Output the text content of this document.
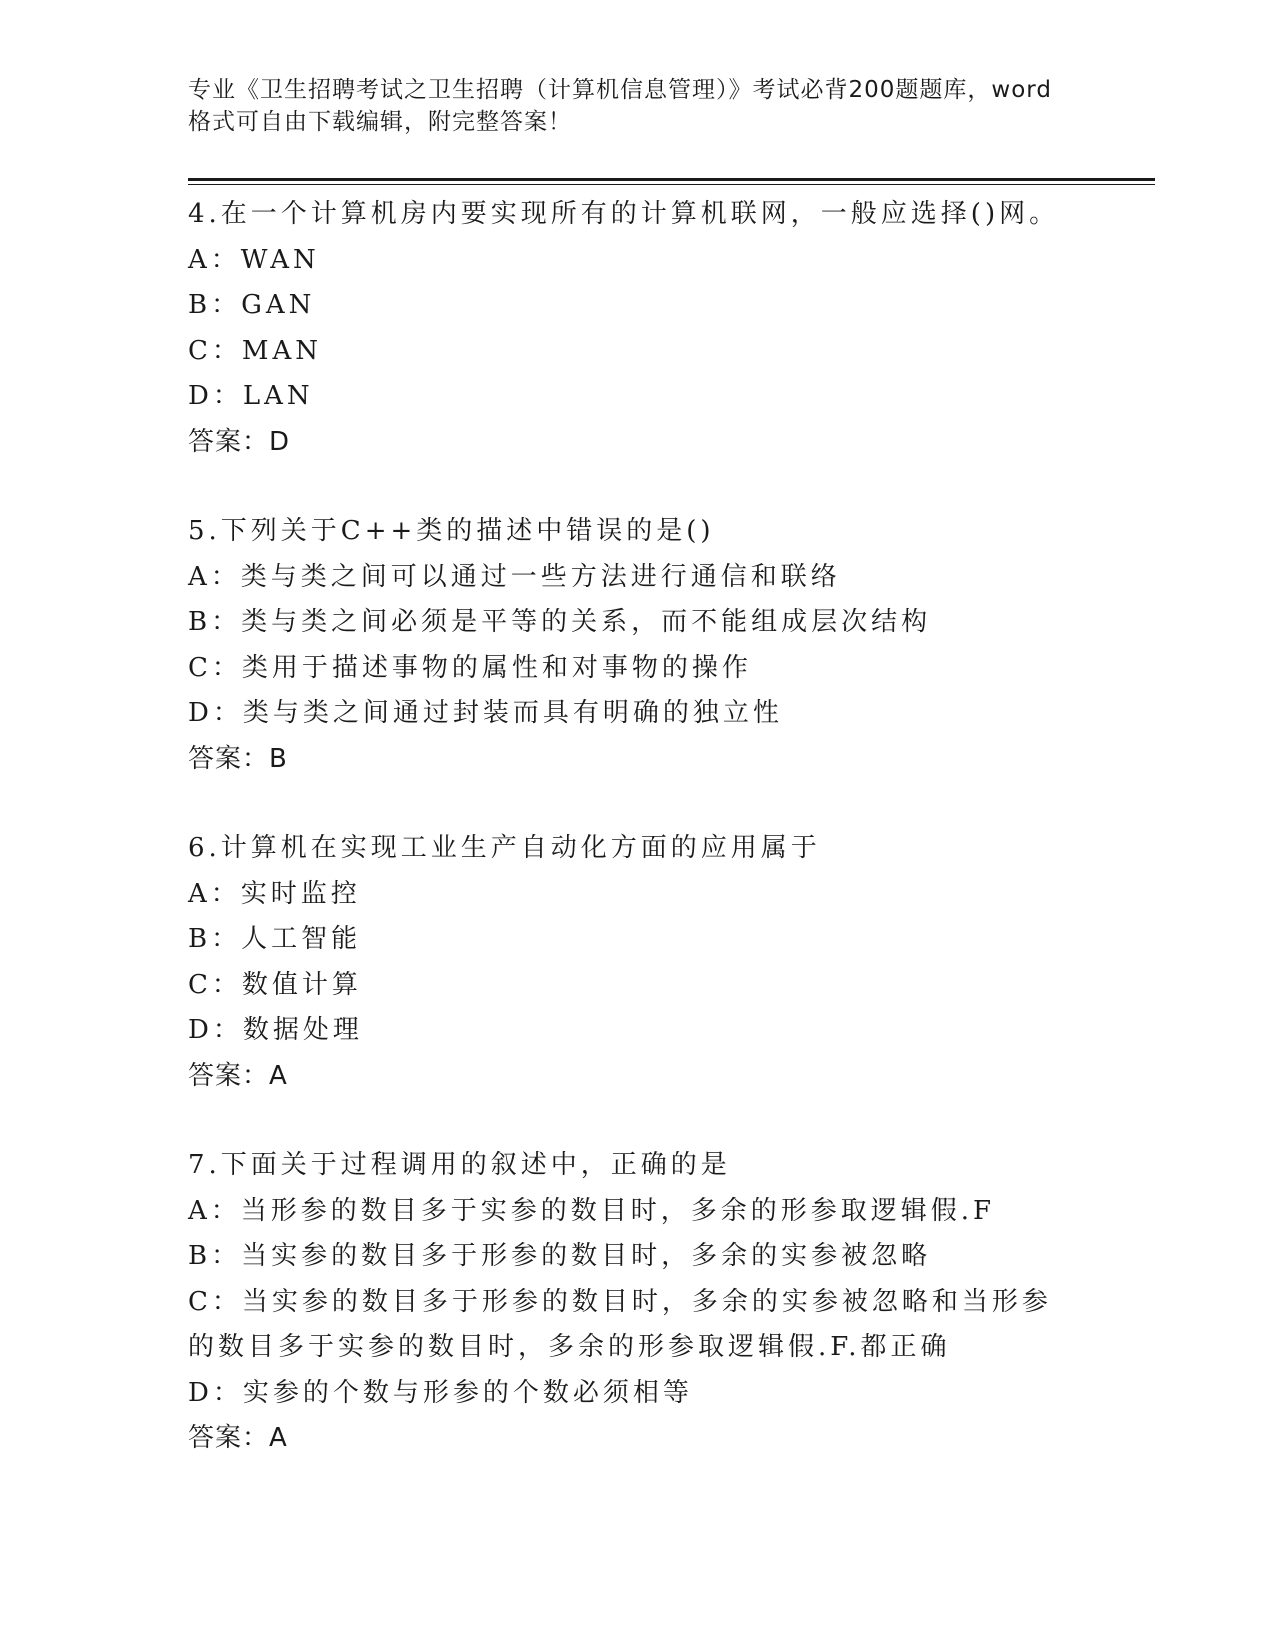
专业《卫生招聘考试之卫生招聘（计算机信息管理）》考试必背200题题库，word
格式可自由下载编辑，附完整答案！
4.在一个计算机房内要实现所有的计算机联网，一般应选择()网。
A：WAN
B：GAN
C：MAN
D：LAN
答案：D
5.下列关于C++类的描述中错误的是()
A：类与类之间可以通过一些方法进行通信和联络
B：类与类之间必须是平等的关系，而不能组成层次结构
C：类用于描述事物的属性和对事物的操作
D：类与类之间通过封装而具有明确的独立性
答案：B
6.计算机在实现工业生产自动化方面的应用属于
A：实时监控
B：人工智能
C：数值计算
D：数据处理
答案：A
7.下面关于过程调用的叙述中，正确的是
A：当形参的数目多于实参的数目时，多余的形参取逻辑假.F
B：当实参的数目多于形参的数目时，多余的实参被忽略
C：当实参的数目多于形参的数目时，多余的实参被忽略和当形参的数目多于实参的数目时，多余的形参取逻辑假.F.都正确
D：实参的个数与形参的个数必须相等
答案：A
